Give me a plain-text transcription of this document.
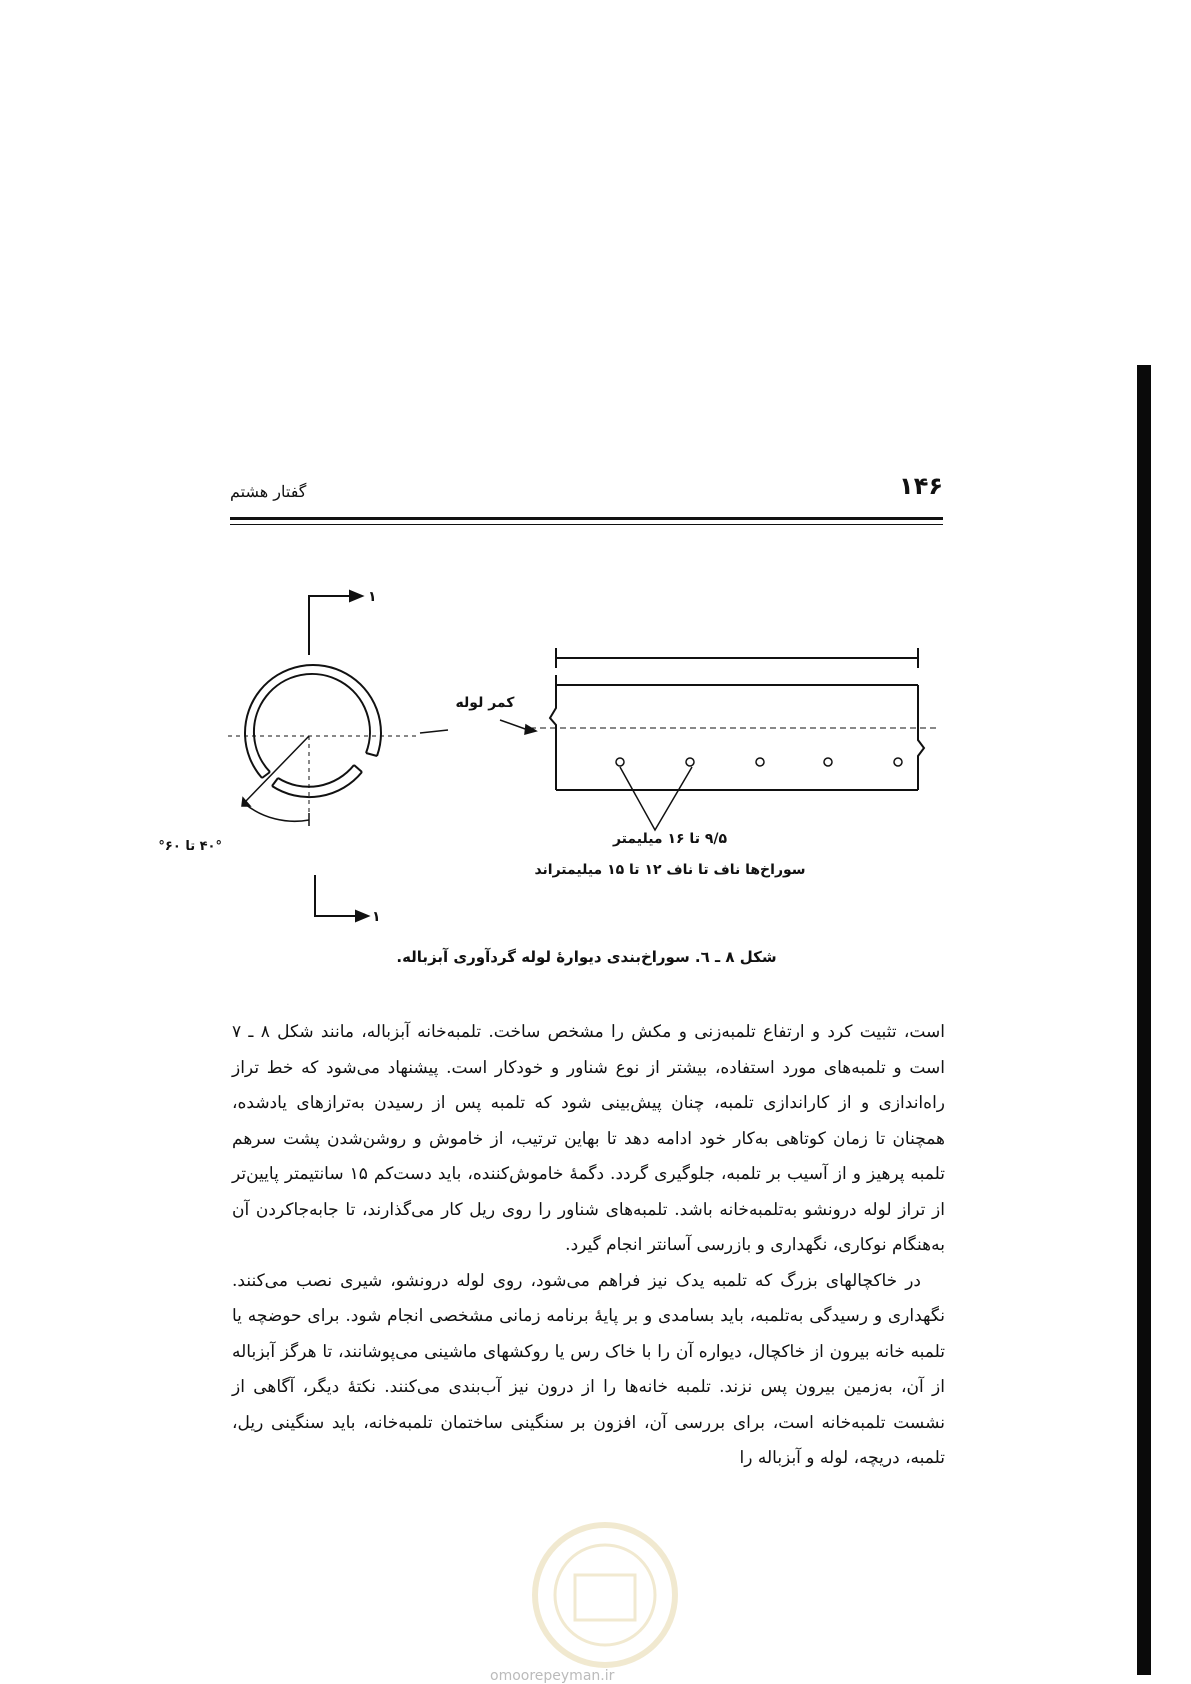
۱۴۶
گفتار هشتم
۱
۱
۴۰° تا ۶۰°
کمر لوله
۹/۵ تا ۱۶ میلیمتر
سوراخ‌ها ناف تا ناف ۱۲ تا ۱۵ میلیمتراند
شکل ۸ ـ ٦. سوراخ‌بندی دیوارهٔ لوله گردآوری آبزباله.

است، تثبیت کرد و ارتفاع تلمبه‌زنی و مکش را مشخص ساخت. تلمبه‌خانه آبزباله، مانند شکل ۸ ـ ۷ است و تلمبه‌های مورد استفاده، بیشتر از نوع شناور و خودکار است. پیشنهاد می‌شود که خط تراز راه‌اندازی و از کاراندازی تلمبه، چنان پیش‌بینی شود که تلمبه پس از رسیدن به‌ترازهای یادشده، همچنان تا زمان کوتاهی به‌کار خود ادامه دهد تا بهاین ترتیب، از خاموش و روشن‌شدن پشت سرهم تلمبه پرهیز و از آسیب بر تلمبه، جلوگیری گردد. دگمهٔ خاموش‌کننده، باید دست‌کم ۱۵ سانتیمتر پایین‌تر از تراز لوله درونشو به‌تلمبه‌خانه باشد. تلمبه‌های شناور را روی ریل کار می‌گذارند، تا جابه‌جاکردن آن به‌هنگام نوکاری، نگهداری و بازرسی آسانتر انجام گیرد.

در خاکچالهای بزرگ که تلمبه یدک نیز فراهم می‌شود، روی لوله درونشو، شیری نصب می‌کنند. نگهداری و رسیدگی به‌تلمبه، باید بسامدی و بر پایهٔ برنامه زمانی مشخصی انجام شود. برای حوضچه یا تلمبه خانه بیرون از خاکچال، دیواره آن را با خاک رس یا روکشهای ماشینی می‌پوشانند، تا هرگز آبزباله از آن، به‌زمین بیرون پس نزند. تلمبه خانه‌ها را از درون نیز آب‌بندی می‌کنند. نکتهٔ دیگر، آگاهی از نشست تلمبه‌خانه است، برای بررسی آن، افزون بر سنگینی ساختمان تلمبه‌خانه، باید سنگینی ریل، تلمبه، دریچه، لوله و آبزباله را

omoorepeyman.ir
